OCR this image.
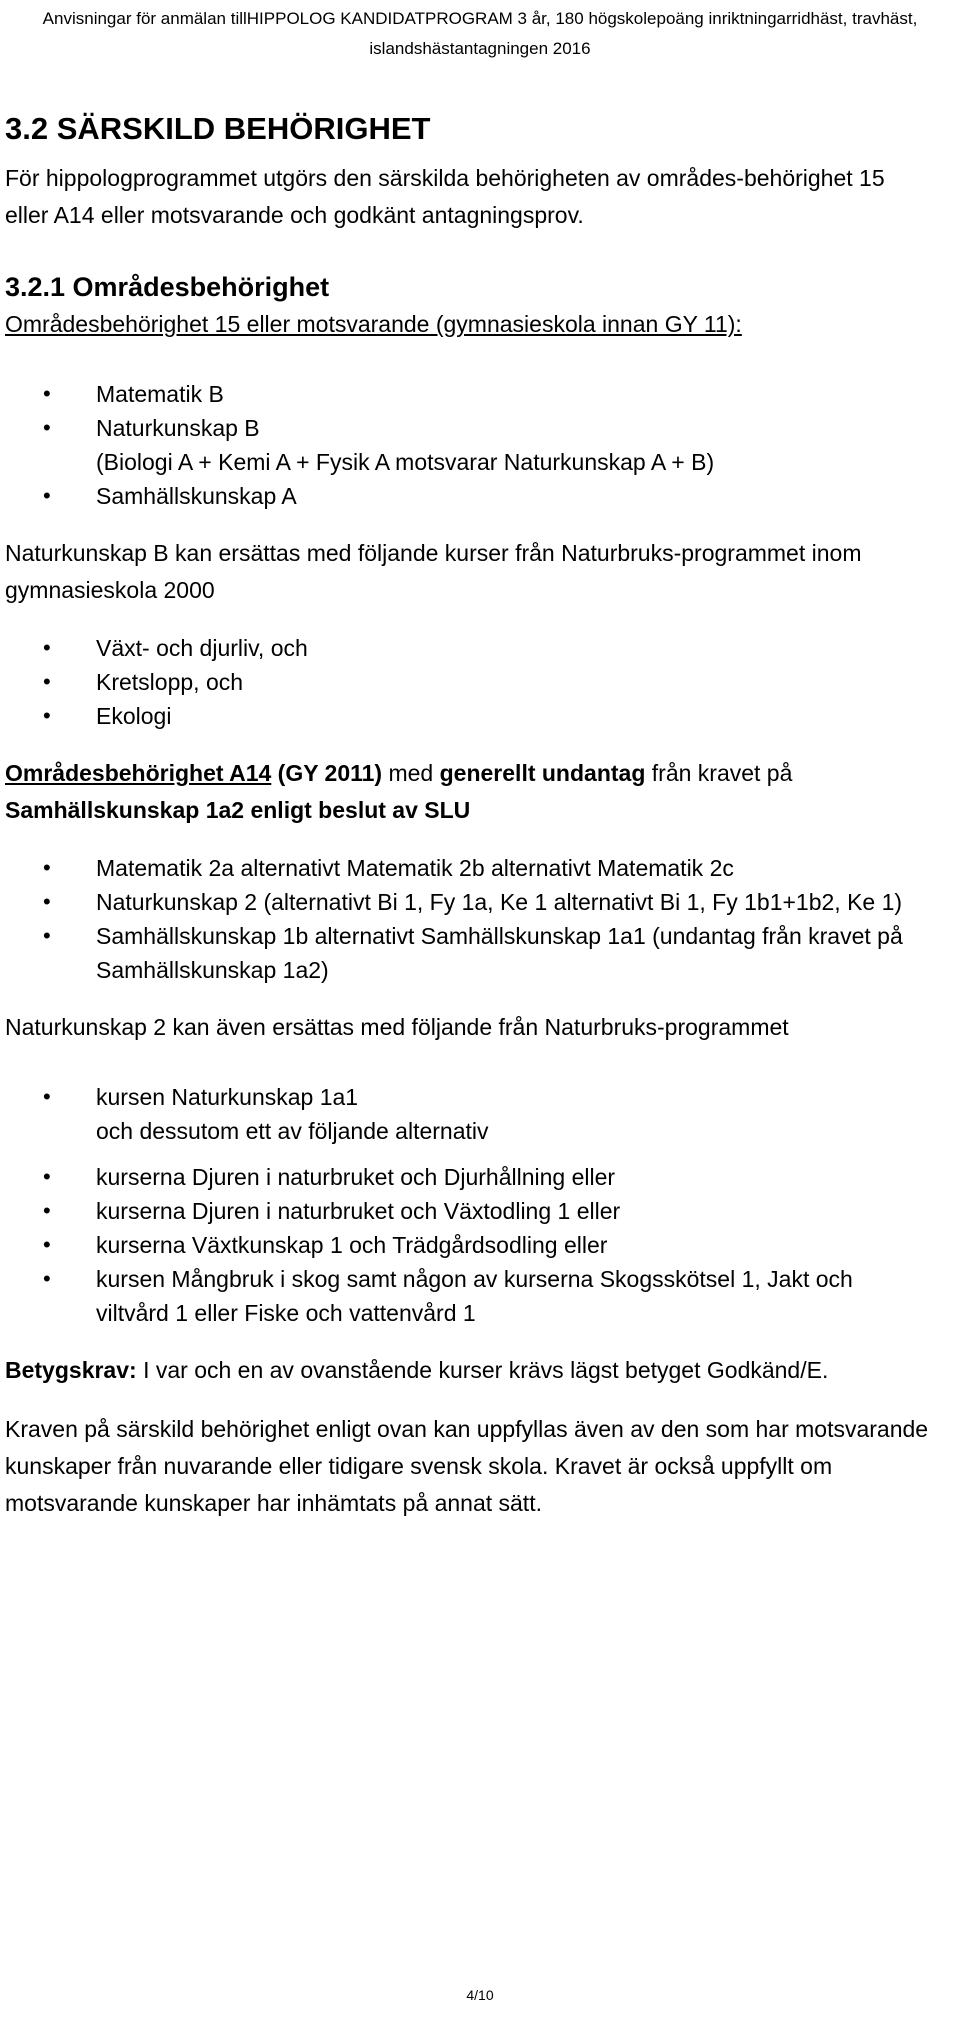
Anvisningar för anmälan tillHIPPOLOG KANDIDATPROGRAM 3 år, 180 högskolepoäng inriktningarridhäst, travhäst,
islandshästantagningen 2016
3.2 SÄRSKILD BEHÖRIGHET

För hippologprogrammet utgörs den särskilda behörigheten av områdes-behörighet 15 eller A14 eller motsvarande och godkänt antagningsprov.

3.2.1 Områdesbehörighet

Områdesbehörighet 15 eller motsvarande (gymnasieskola innan GY 11):

• Matematik B
• Naturkunskap B
(Biologi A + Kemi A + Fysik A motsvarar Naturkunskap A + B)
• Samhällskunskap A

Naturkunskap B kan ersättas med följande kurser från Naturbruks-programmet inom gymnasieskola 2000

• Växt- och djurliv, och
• Kretslopp, och
• Ekologi

Områdesbehörighet A14 (GY 2011) med generellt undantag från kravet på Samhällskunskap 1a2 enligt beslut av SLU

• Matematik 2a alternativt Matematik 2b alternativt Matematik 2c
• Naturkunskap 2 (alternativt Bi 1, Fy 1a, Ke 1 alternativt Bi 1, Fy 1b1+1b2, Ke 1)
• Samhällskunskap 1b alternativt Samhällskunskap 1a1 (undantag från kravet på Samhällskunskap 1a2)

Naturkunskap 2 kan även ersättas med följande från Naturbruks-programmet

• kursen Naturkunskap 1a1
och dessutom ett av följande alternativ
• kurserna Djuren i naturbruket och Djurhållning eller
• kurserna Djuren i naturbruket och Växtodling 1 eller
• kurserna Växtkunskap 1 och Trädgårdsodling eller
• kursen Mångbruk i skog samt någon av kurserna Skogsskötsel 1, Jakt och viltvård 1 eller Fiske och vattenvård 1

Betygskrav: I var och en av ovanstående kurser krävs lägst betyget Godkänd/E.

Kraven på särskild behörighet enligt ovan kan uppfyllas även av den som har motsvarande kunskaper från nuvarande eller tidigare svensk skola. Kravet är också uppfyllt om motsvarande kunskaper har inhämtats på annat sätt.

4/10
